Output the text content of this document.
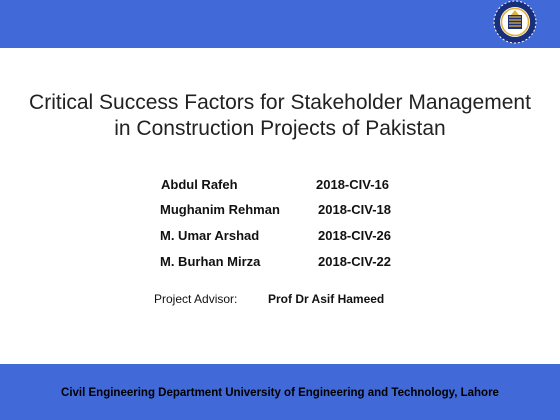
Critical Success Factors for Stakeholder Management
in Construction Projects of Pakistan
Abdul Rafeh	2018-CIV-16
Mughanim Rehman	2018-CIV-18
M. Umar Arshad	2018-CIV-26
M. Burhan Mirza	2018-CIV-22
Project Advisor:	Prof Dr Asif Hameed
Civil Engineering Department University of Engineering and Technology, Lahore
